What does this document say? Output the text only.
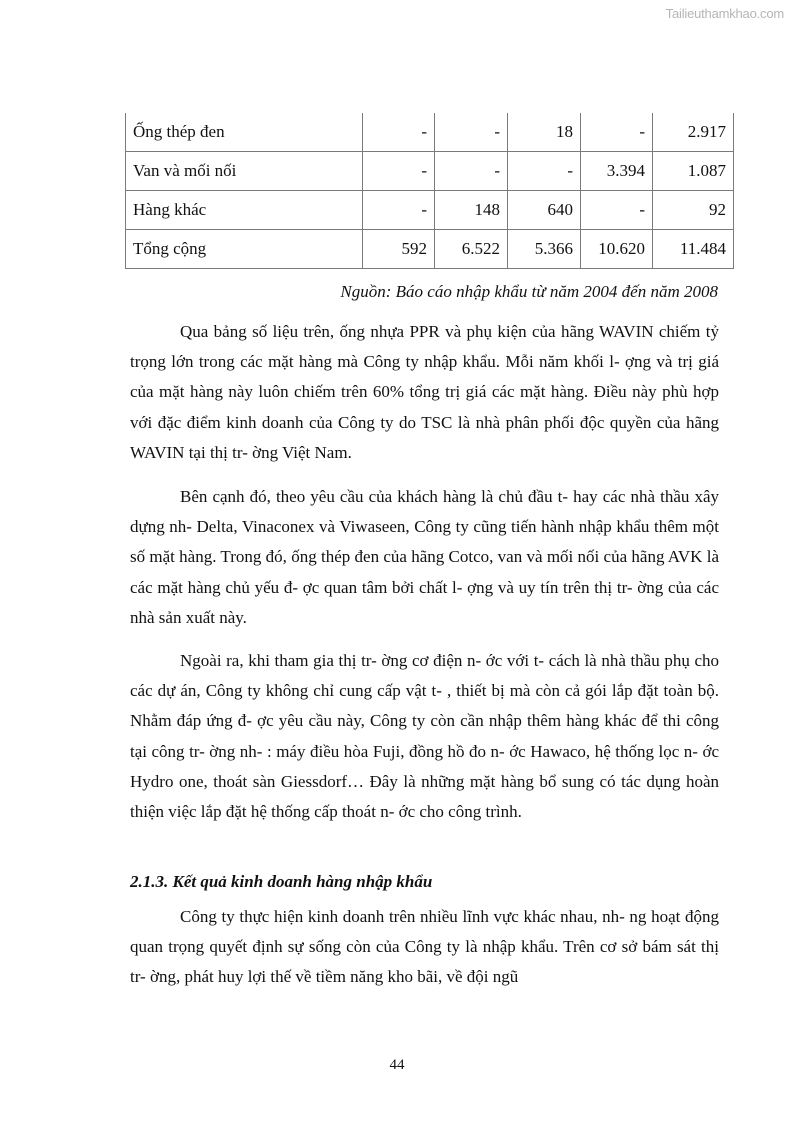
Tailieuthamkhao.com
Ống thép đen	-	-	18	-	2.917
Van và mối nối	-	-	-	3.394	1.087
Hàng khác	-	148	640	-	92
Tổng cộng	592	6.522	5.366	10.620	11.484
Nguồn: Báo cáo nhập khẩu từ năm 2004 đến năm 2008

Qua bảng số liệu trên, ống nhựa PPR và phụ kiện của hãng WAVIN chiếm tỷ trọng lớn trong các mặt hàng mà Công ty nhập khẩu. Mỗi năm khối l- ợng và trị giá của mặt hàng này luôn chiếm trên 60% tổng trị giá các mặt hàng. Điều này phù hợp với đặc điểm kinh doanh của Công ty do TSC là nhà phân phối độc quyền của hãng WAVIN tại thị tr- ờng Việt Nam.

Bên cạnh đó, theo yêu cầu của khách hàng là chủ đầu t- hay các nhà thầu xây dựng nh- Delta, Vinaconex và Viwaseen, Công ty cũng tiến hành nhập khẩu thêm một số mặt hàng. Trong đó, ống thép đen của hãng Cotco, van và mối nối của hãng AVK là các mặt hàng chủ yếu đ- ợc quan tâm bởi chất l- ợng và uy tín trên thị tr- ờng của các nhà sản xuất này.

Ngoài ra, khi tham gia thị tr- ờng cơ điện n- ớc với t- cách là nhà thầu phụ cho các dự án, Công ty không chỉ cung cấp vật t- , thiết bị mà còn cả gói lắp đặt toàn bộ. Nhằm đáp ứng đ- ợc yêu cầu này, Công ty còn cần nhập thêm hàng khác để thi công tại công tr- ờng nh- : máy điều hòa Fuji, đồng hồ đo n- ớc Hawaco, hệ thống lọc n- ớc Hydro one, thoát sàn Giessdorf… Đây là những mặt hàng bổ sung có tác dụng hoàn thiện việc lắp đặt hệ thống cấp thoát n- ớc cho công trình.

2.1.3. Kết quả kinh doanh hàng nhập khẩu

Công ty thực hiện kinh doanh trên nhiều lĩnh vực khác nhau, nh- ng hoạt động quan trọng quyết định sự sống còn của Công ty là nhập khẩu. Trên cơ sở bám sát thị tr- ờng, phát huy lợi thế về tiềm năng kho bãi, về đội ngũ

44
